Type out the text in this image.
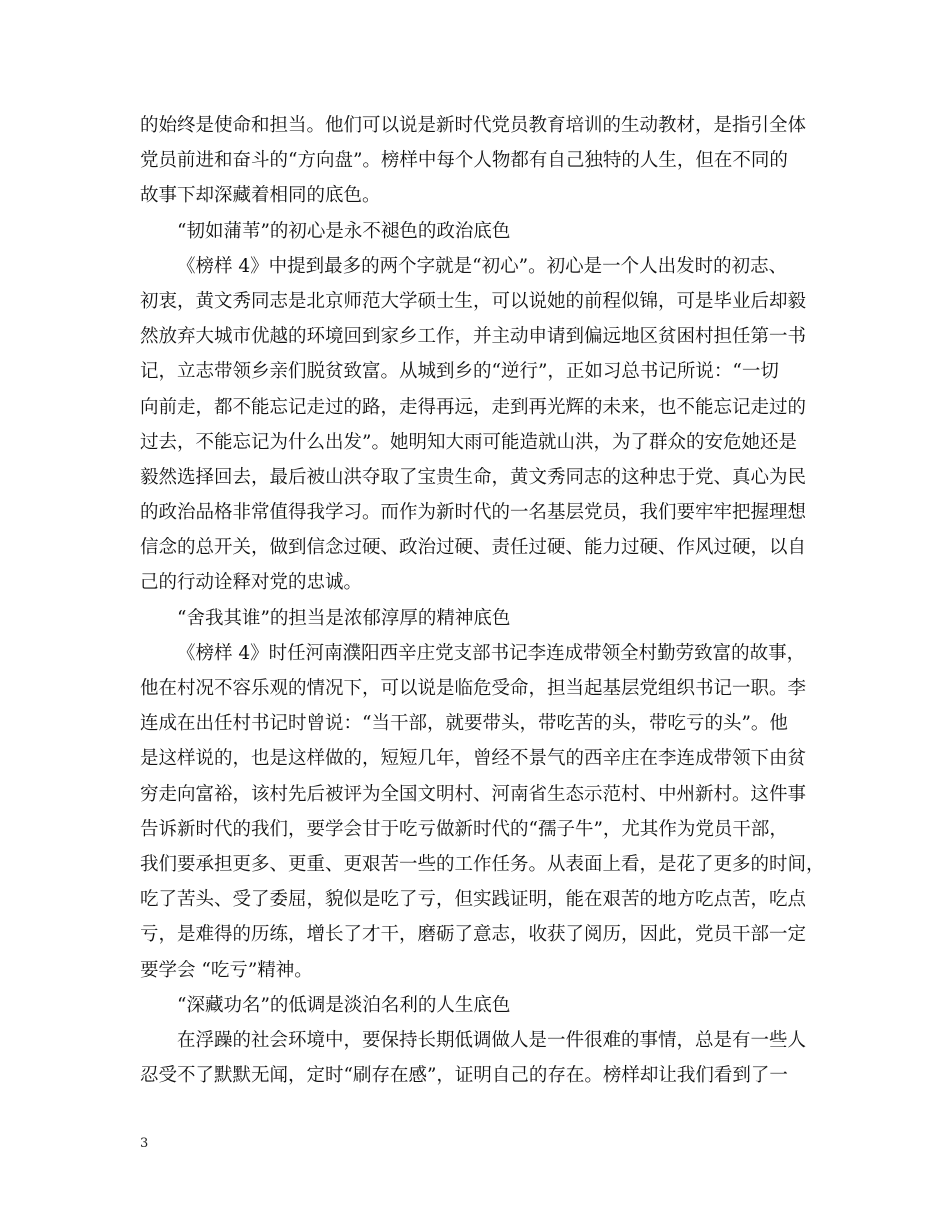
的始终是使命和担当。他们可以说是新时代党员教育培训的生动教材，是指引全体
党员前进和奋斗的“方向盘”。榜样中每个人物都有自己独特的人生，但在不同的
故事下却深藏着相同的底色。
“韧如蒲苇”的初心是永不褪色的政治底色
《榜样 4》中提到最多的两个字就是“初心”。初心是一个人出发时的初志、
初衷，黄文秀同志是北京师范大学硕士生，可以说她的前程似锦，可是毕业后却毅
然放弃大城市优越的环境回到家乡工作，并主动申请到偏远地区贫困村担任第一书
记，立志带领乡亲们脱贫致富。从城到乡的“逆行”，正如习总书记所说：“一切
向前走，都不能忘记走过的路，走得再远，走到再光辉的未来，也不能忘记走过的
过去，不能忘记为什么出发”。她明知大雨可能造就山洪，为了群众的安危她还是
毅然选择回去，最后被山洪夺取了宝贵生命，黄文秀同志的这种忠于党、真心为民
的政治品格非常值得我学习。而作为新时代的一名基层党员，我们要牢牢把握理想
信念的总开关，做到信念过硬、政治过硬、责任过硬、能力过硬、作风过硬，以自
己的行动诠释对党的忠诚。
“舍我其谁”的担当是浓郁淳厚的精神底色
《榜样 4》时任河南濮阳西辛庄党支部书记李连成带领全村勤劳致富的故事，
他在村况不容乐观的情况下，可以说是临危受命，担当起基层党组织书记一职。李
连成在出任村书记时曾说：“当干部，就要带头，带吃苦的头，带吃亏的头”。他
是这样说的，也是这样做的，短短几年，曾经不景气的西辛庄在李连成带领下由贫
穷走向富裕，该村先后被评为全国文明村、河南省生态示范村、中州新村。这件事
告诉新时代的我们，要学会甘于吃亏做新时代的“孺子牛”，尤其作为党员干部，
我们要承担更多、更重、更艰苦一些的工作任务。从表面上看，是花了更多的时间，
吃了苦头、受了委屈，貌似是吃了亏，但实践证明，能在艰苦的地方吃点苦，吃点
亏，是难得的历练，增长了才干，磨砺了意志，收获了阅历，因此，党员干部一定
要学会 “吃亏”精神。
“深藏功名”的低调是淡泊名利的人生底色
在浮躁的社会环境中，要保持长期低调做人是一件很难的事情，总是有一些人
忍受不了默默无闻，定时“刷存在感”，证明自己的存在。榜样却让我们看到了一
3
